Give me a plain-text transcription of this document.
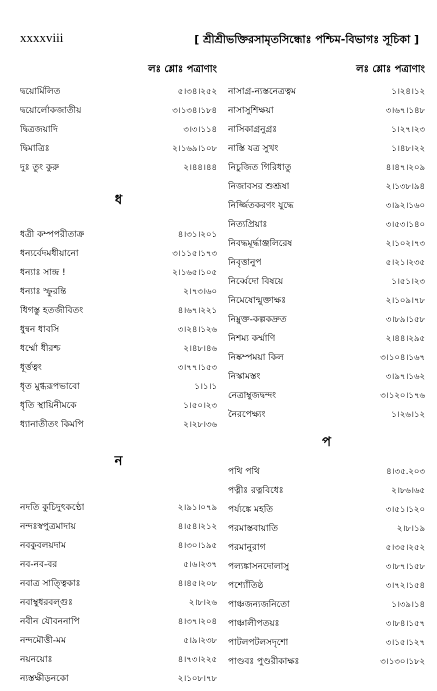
xxxxviii	[ শ্রীশ্রীভক্তিরসামৃতসিন্ধোঃ পশ্চিম-বিভাগঃ সূচিকা ]
লঃ শ্লোঃ পত্রাণাং
দ্বয়োর্মিলিত	৫।৩৪।২৫২
দ্বয়োর্লোকজাতীয়	৩।১৩৪।১৮৪
দ্বিত্রজয়াদি	৩।৩।১১৪
দ্বিমাত্রিঃ	২।১৬৯।১০৮
দুঃ তুং কুরু	২।৪৪।৪৪
ধ
ধত্রী কম্পপরীতাক্র	৪।৩১।২০১
ধন্যর্বেদমধীয়ানো	৩।১১৫।১৭৩
ধন্যাঃ সান্দ্র !	২।১৬৫।১০৫
ধন্যাঃ স্ফুরন্তি	২।৭৩।৬০
ধিগস্তু হতজীবিতং	৪।৬৭।২২১
ধুন্বন ধাবসি	৩।২৪।১২৬
ধর্ম্মো ধীরশ্চ	২।৪৮।৪৬
ধূর্ত্তত্বং	৩।৭৭।১৫৩
ধৃত মুগ্ধরূপভাবো	১।১।১
ধৃতি স্থায়িনীমকে	১।৫০।২৩
ধ্যানাতীতং কিমপি	২।২৮।৩৬
ন
নদতি কুচিদুৎকণ্ঠো	২।৯১।০৭৯
নন্দঃস্বপুত্রমাদায়	৪।৫৪।২১২
নবকুবলয়দাম	৪।৩০।১৯৫
নব-নব-বর	৫।৬।২৩৭
নবাত্র সাত্ত্বিকাঃ	৪।৪৫।২০৮
নবাম্বুধরবল্গুঃ	২।৮।২৬
নবীন যৌবননাপি	৪।৩৭।২০৪
নন্দমৌত্তী-মম	৫।৯।২৩৮
নয়নয়োঃ	৪।৭৩।২২৫
ন্যস্তক্ষীড়নকো	২।১০৮।৭৮
লঃ শ্লোঃ পত্রাণাং
নাসাগ্র-ন্যস্তনেত্রত্বম	১।২৪।১২
নাসাসুশিক্ষয়া	৩।৬৭।১৪৮
নাসিকাগ্রনুগ্রঃ	১।২৭।২৩
নাস্তি যত্র সুখং	১।৪৮।২২
নিচুজিত গিরিধাতু	৪।৪৭।২০৯
নিজাবসর শুশ্রূষা	২।১৩৮।৯৪
নির্জ্জিতকরণং যুদ্ধে	৩।৯২।১৬০
নিত্যপ্রিয়াঃ	৩।৫৩।১৪০
নিবদ্ধমূর্দ্ধাঞ্জলিরেষ	২।১০২।৭৩
নিবৃত্তানুপ	৫।২১।২৩৫
নির্ব্বেদো বিষয়ে	১।৫১।২৩
নিমেষোন্মুক্তাক্ষঃ	২।১০৯।৭৮
নিম্নুক্ত-কল্পকদ্রুত	৩।৮৯।১৫৮
নিশম্য কর্ম্মাণি	২।৪৪।২৯৫
নিষ্কম্পময়া কিল	৩।১০৪।১৬৭
নিস্কামস্তং	৩।৯৭।১৬২
নেত্রাম্বুজদ্বন্দং	৩।১২০।১৭৬
নৈরপেক্ষ্যং	১।২৬।১২
প
পথি পথি	৪।৩৫.২০৩
পত্নীঃ রত্নবিধেঃ	২।৮৬।৬৫
পর্য্যঙ্কে মহতি	৩।৫১।১২০
পরমাস্তবায়াতি	২।৮।১৯
পরমানুরাগ	৫।৩৫।২৫২
পল্যঙ্কাসনদোলাসু	৩।৮৭।১৫৮
পশ্যোঁতিষ্ঠ	৩।৭২।১৫৪
পাঞ্চজন্যজনিতো	১।৩৯।১৪
পাঞ্চালীপতয়ঃ	৩।৮৪।১৫৭
পাটলপটলসদৃশো	৩।১৫।১২৭
পাণ্ডবঃ পুণ্ডরীকাক্ষঃ	৩।১৩০।১৮২
